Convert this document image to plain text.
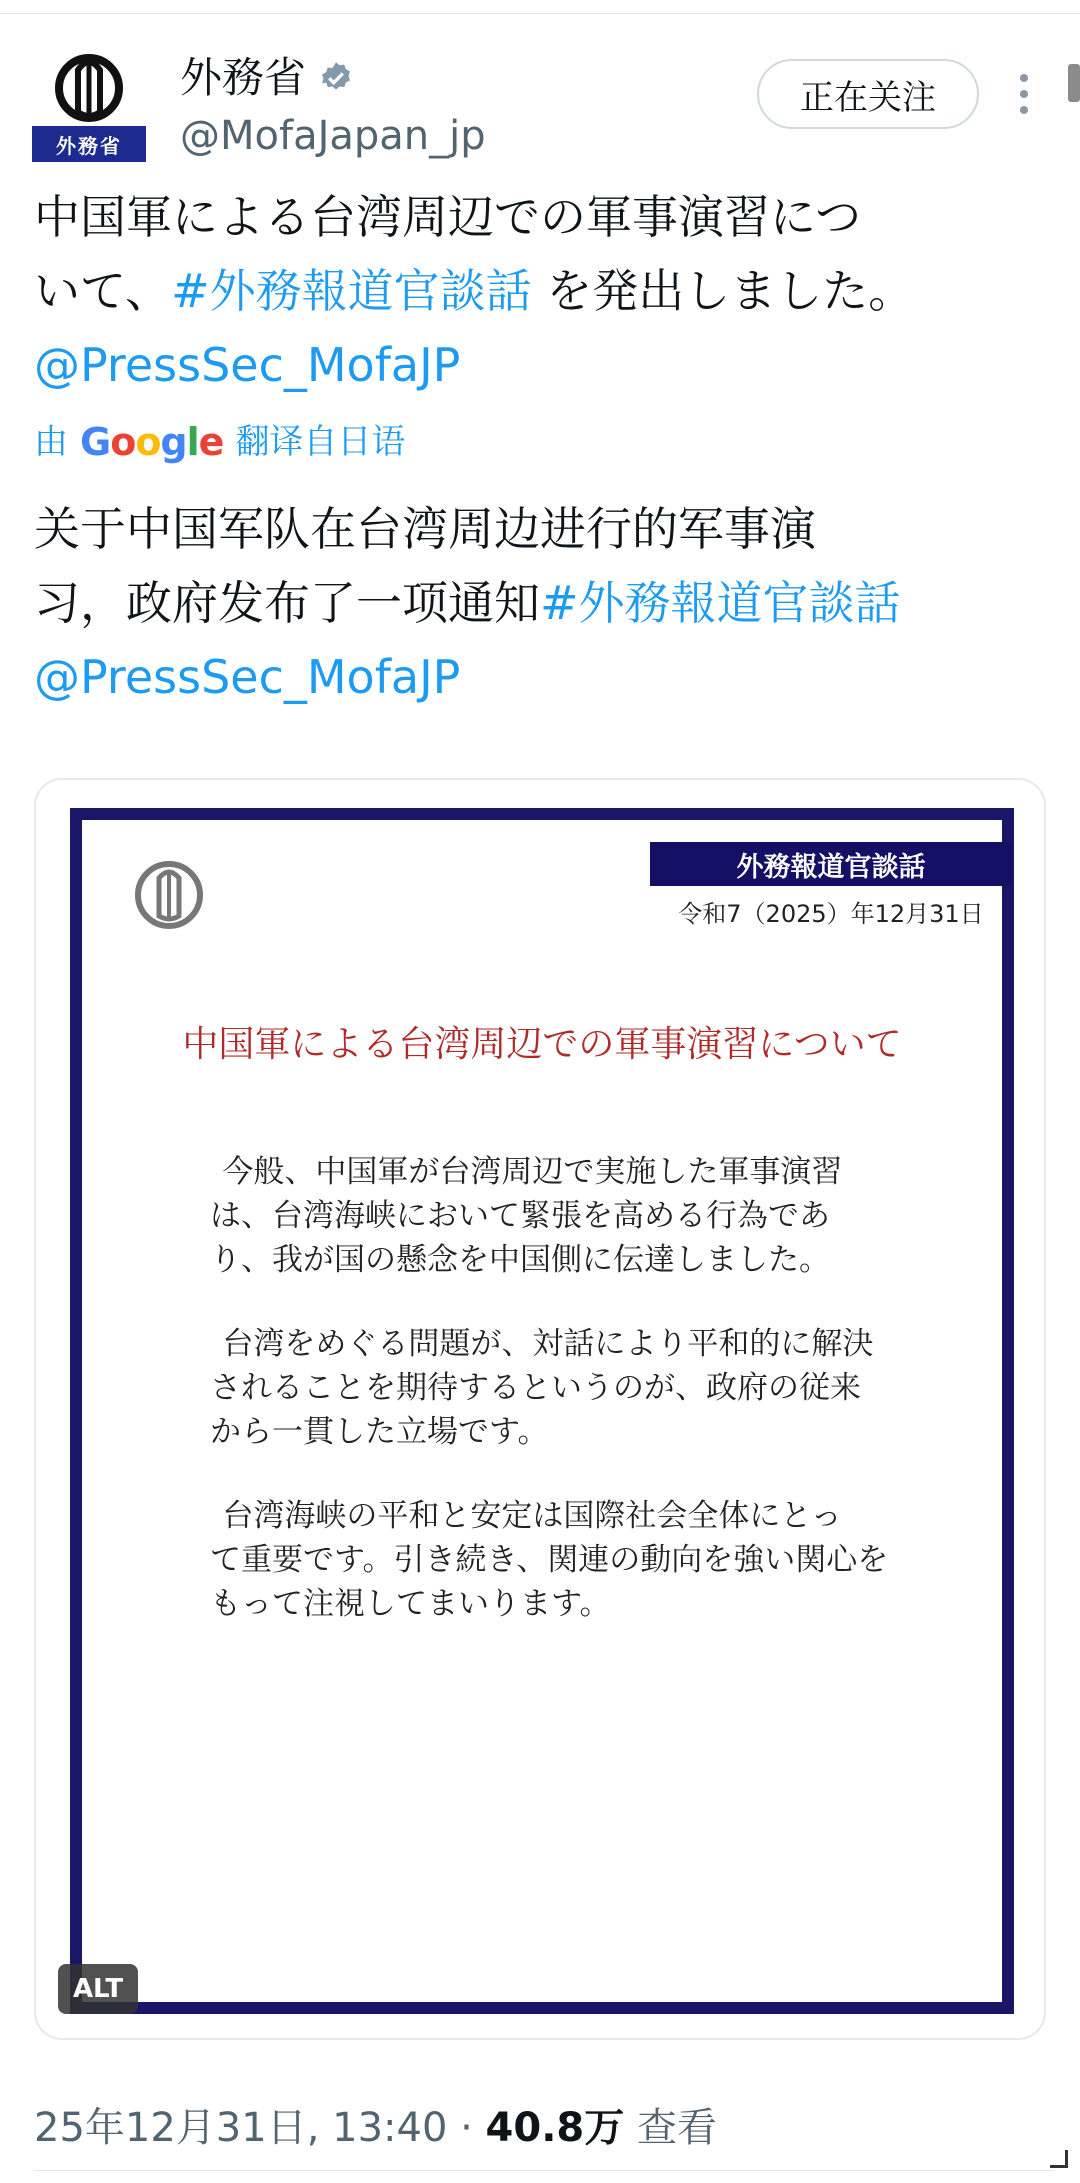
外務省
外務省
@MofaJapan_jp
正在关注
中国軍による台湾周辺での軍事演習につ
いて、#外務報道官談話 を発出しました。
@PressSec_MofaJP
由 Google 翻译自日语
关于中国军队在台湾周边进行的军事演
习，政府发布了一项通知#外務報道官談話
@PressSec_MofaJP
外務報道官談話
令和7（2025）年12月31日
中国軍による台湾周辺での軍事演習について

今般、中国軍が台湾周辺で実施した軍事演習
は、台湾海峡において緊張を高める行為であ
り、我が国の懸念を中国側に伝達しました。

台湾をめぐる問題が、対話により平和的に解決
されることを期待するというのが、政府の従来
から一貫した立場です。

台湾海峡の平和と安定は国際社会全体にとっ
て重要です。引き続き、関連の動向を強い関心を
もって注視してまいります。

ALT
25年12月31日, 13:40 · 40.8万 查看
